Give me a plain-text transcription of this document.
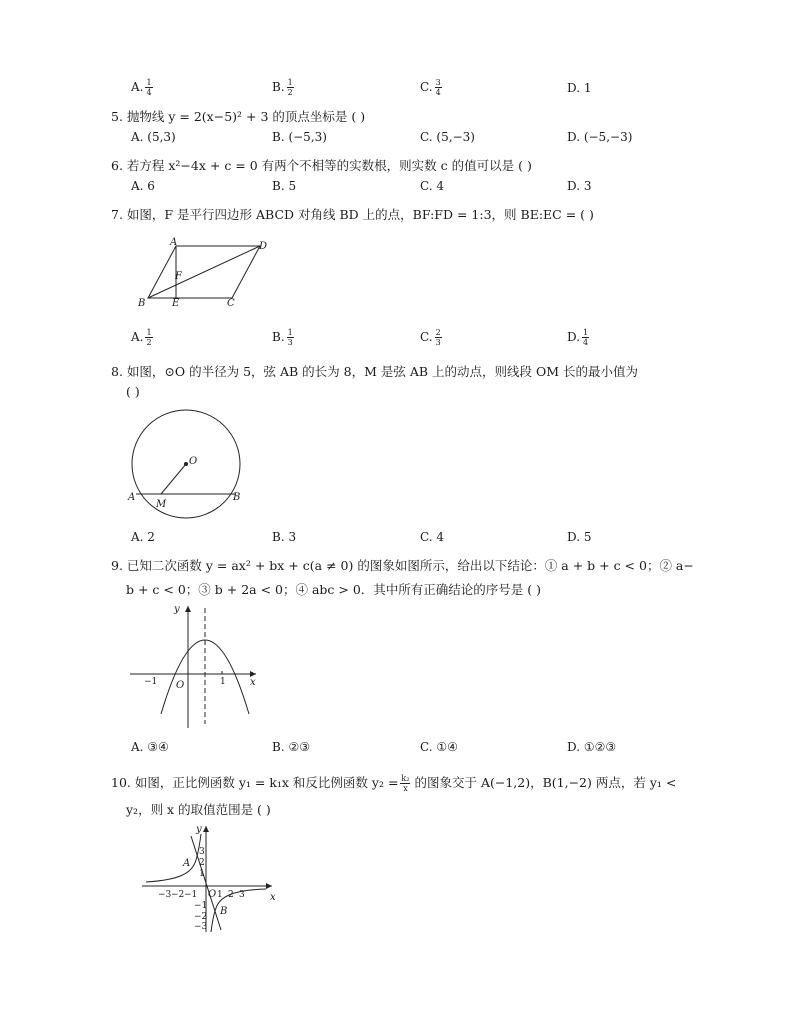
A. $\frac{1}{4}$	B. $\frac{1}{2}$	C. $\frac{3}{4}$	D. 1
5. 抛物线 y = 2(x−5)² + 3 的顶点坐标是 ( )
A. (5,3)	B. (−5,3)	C. (5,−3)	D. (−5,−3)
6. 若方程 x²−4x + c = 0 有两个不相等的实数根，则实数 c 的值可以是 ( )
A. 6	B. 5	C. 4	D. 3
7. 如图，F 是平行四边形 ABCD 对角线 BD 上的点，BF:FD = 1:3，则 BE:EC = ( )
A	D
B	C
E
F
A. $\frac{1}{2}$	B. $\frac{1}{3}$	C. $\frac{2}{3}$	D. $\frac{1}{4}$
8. 如图，⊙O 的半径为 5，弦 AB 的长为 8，M 是弦 AB 上的动点，则线段 OM 长的最小值为
( )
O
A	B
M
A. 2	B. 3	C. 4	D. 5
9. 已知二次函数 y = ax² + bx + c(a ≠ 0) 的图象如图所示，给出以下结论：① a + b + c < 0；② a−
b + c < 0；③ b + 2a < 0；④ abc > 0．其中所有正确结论的序号是 ( )
y
x
O
−1	1
A. ③④	B. ②③	C. ①④	D. ①②③
10. 如图，正比例函数 y₁ = k₁x 和反比例函数 $y_2 = \frac{\text{k₂}}{x}$ 的图象交于 A(−1,2)，B(1,−2) 两点，若 y₁ <
y₂，则 x 的取值范围是 ( )
y
x
A
B
O
−3 −2 −1 1 2 3
3
2
1
−1
−2
−3
